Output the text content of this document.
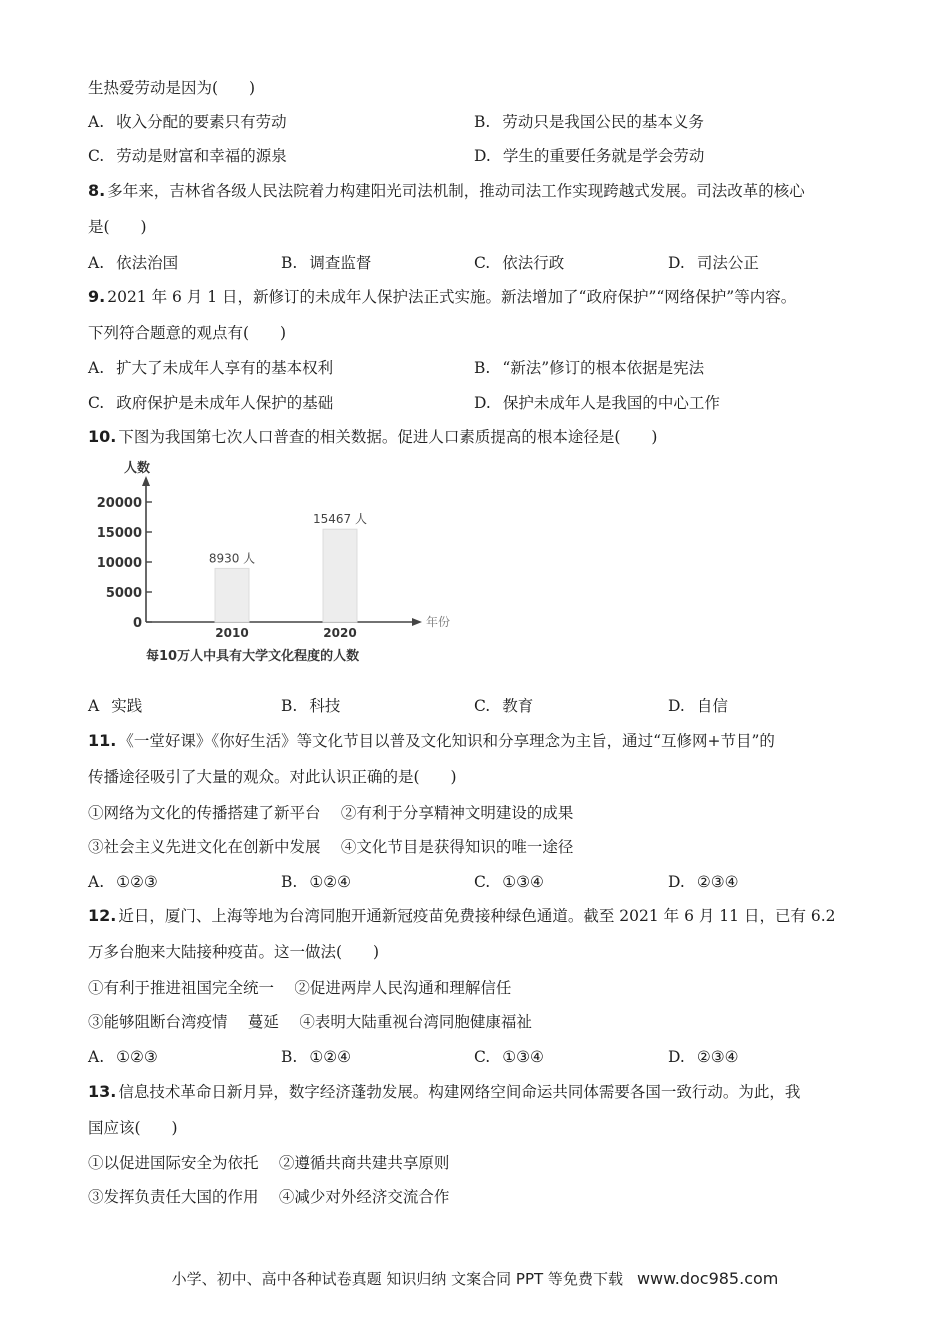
生热爱劳动是因为(  )
A. 收入分配的要素只有劳动	B. 劳动只是我国公民的基本义务
C. 劳动是财富和幸福的源泉	D. 学生的重要任务就是学会劳动
8. 多年来，吉林省各级人民法院着力构建阳光司法机制，推动司法工作实现跨越式发展。司法改革的核心
是(  )
A. 依法治国	B. 调查监督	C. 依法行政	D. 司法公正
9. 2021 年 6 月 1 日，新修订的未成年人保护法正式实施。新法增加了“政府保护”“网络保护”等内容。
下列符合题意的观点有(  )
A. 扩大了未成年人享有的基本权利	B. “新法”修订的根本依据是宪法
C. 政府保护是未成年人保护的基础	D. 保护未成年人是我国的中心工作
10. 下图为我国第七次人口普查的相关数据。促进人口素质提高的根本途径是(  )
人数
年份
0
5000
10000
15000
20000
8930 人
2010
15467 人
2020
每10万人中具有大学文化程度的人数
A 实践	B. 科技	C. 教育	D. 自信
11. 《一堂好课》《你好生活》等文化节目以普及文化知识和分享理念为主旨，通过“互修网+节目”的
传播途径吸引了大量的观众。对此认识正确的是(  )
①网络为文化的传播搭建了新平台  ②有利于分享精神文明建设的成果
③社会主义先进文化在创新中发展  ④文化节目是获得知识的唯一途径
A. ①②③	B. ①②④	C. ①③④	D. ②③④
12. 近日，厦门、上海等地为台湾同胞开通新冠疫苗免费接种绿色通道。截至 2021 年 6 月 11 日，已有 6.2
万多台胞来大陆接种疫苗。这一做法(  )
①有利于推进祖国完全统一  ②促进两岸人民沟通和理解信任
③能够阻断台湾疫情  蔓延  ④表明大陆重视台湾同胞健康福祉
A. ①②③	B. ①②④	C. ①③④	D. ②③④
13. 信息技术革命日新月异，数字经济蓬勃发展。构建网络空间命运共同体需要各国一致行动。为此，我
国应该(  )
①以促进国际安全为依托  ②遵循共商共建共享原则
③发挥负责任大国的作用  ④减少对外经济交流合作
小学、初中、高中各种试卷真题 知识归纳 文案合同 PPT 等免费下载 www.doc985.com
